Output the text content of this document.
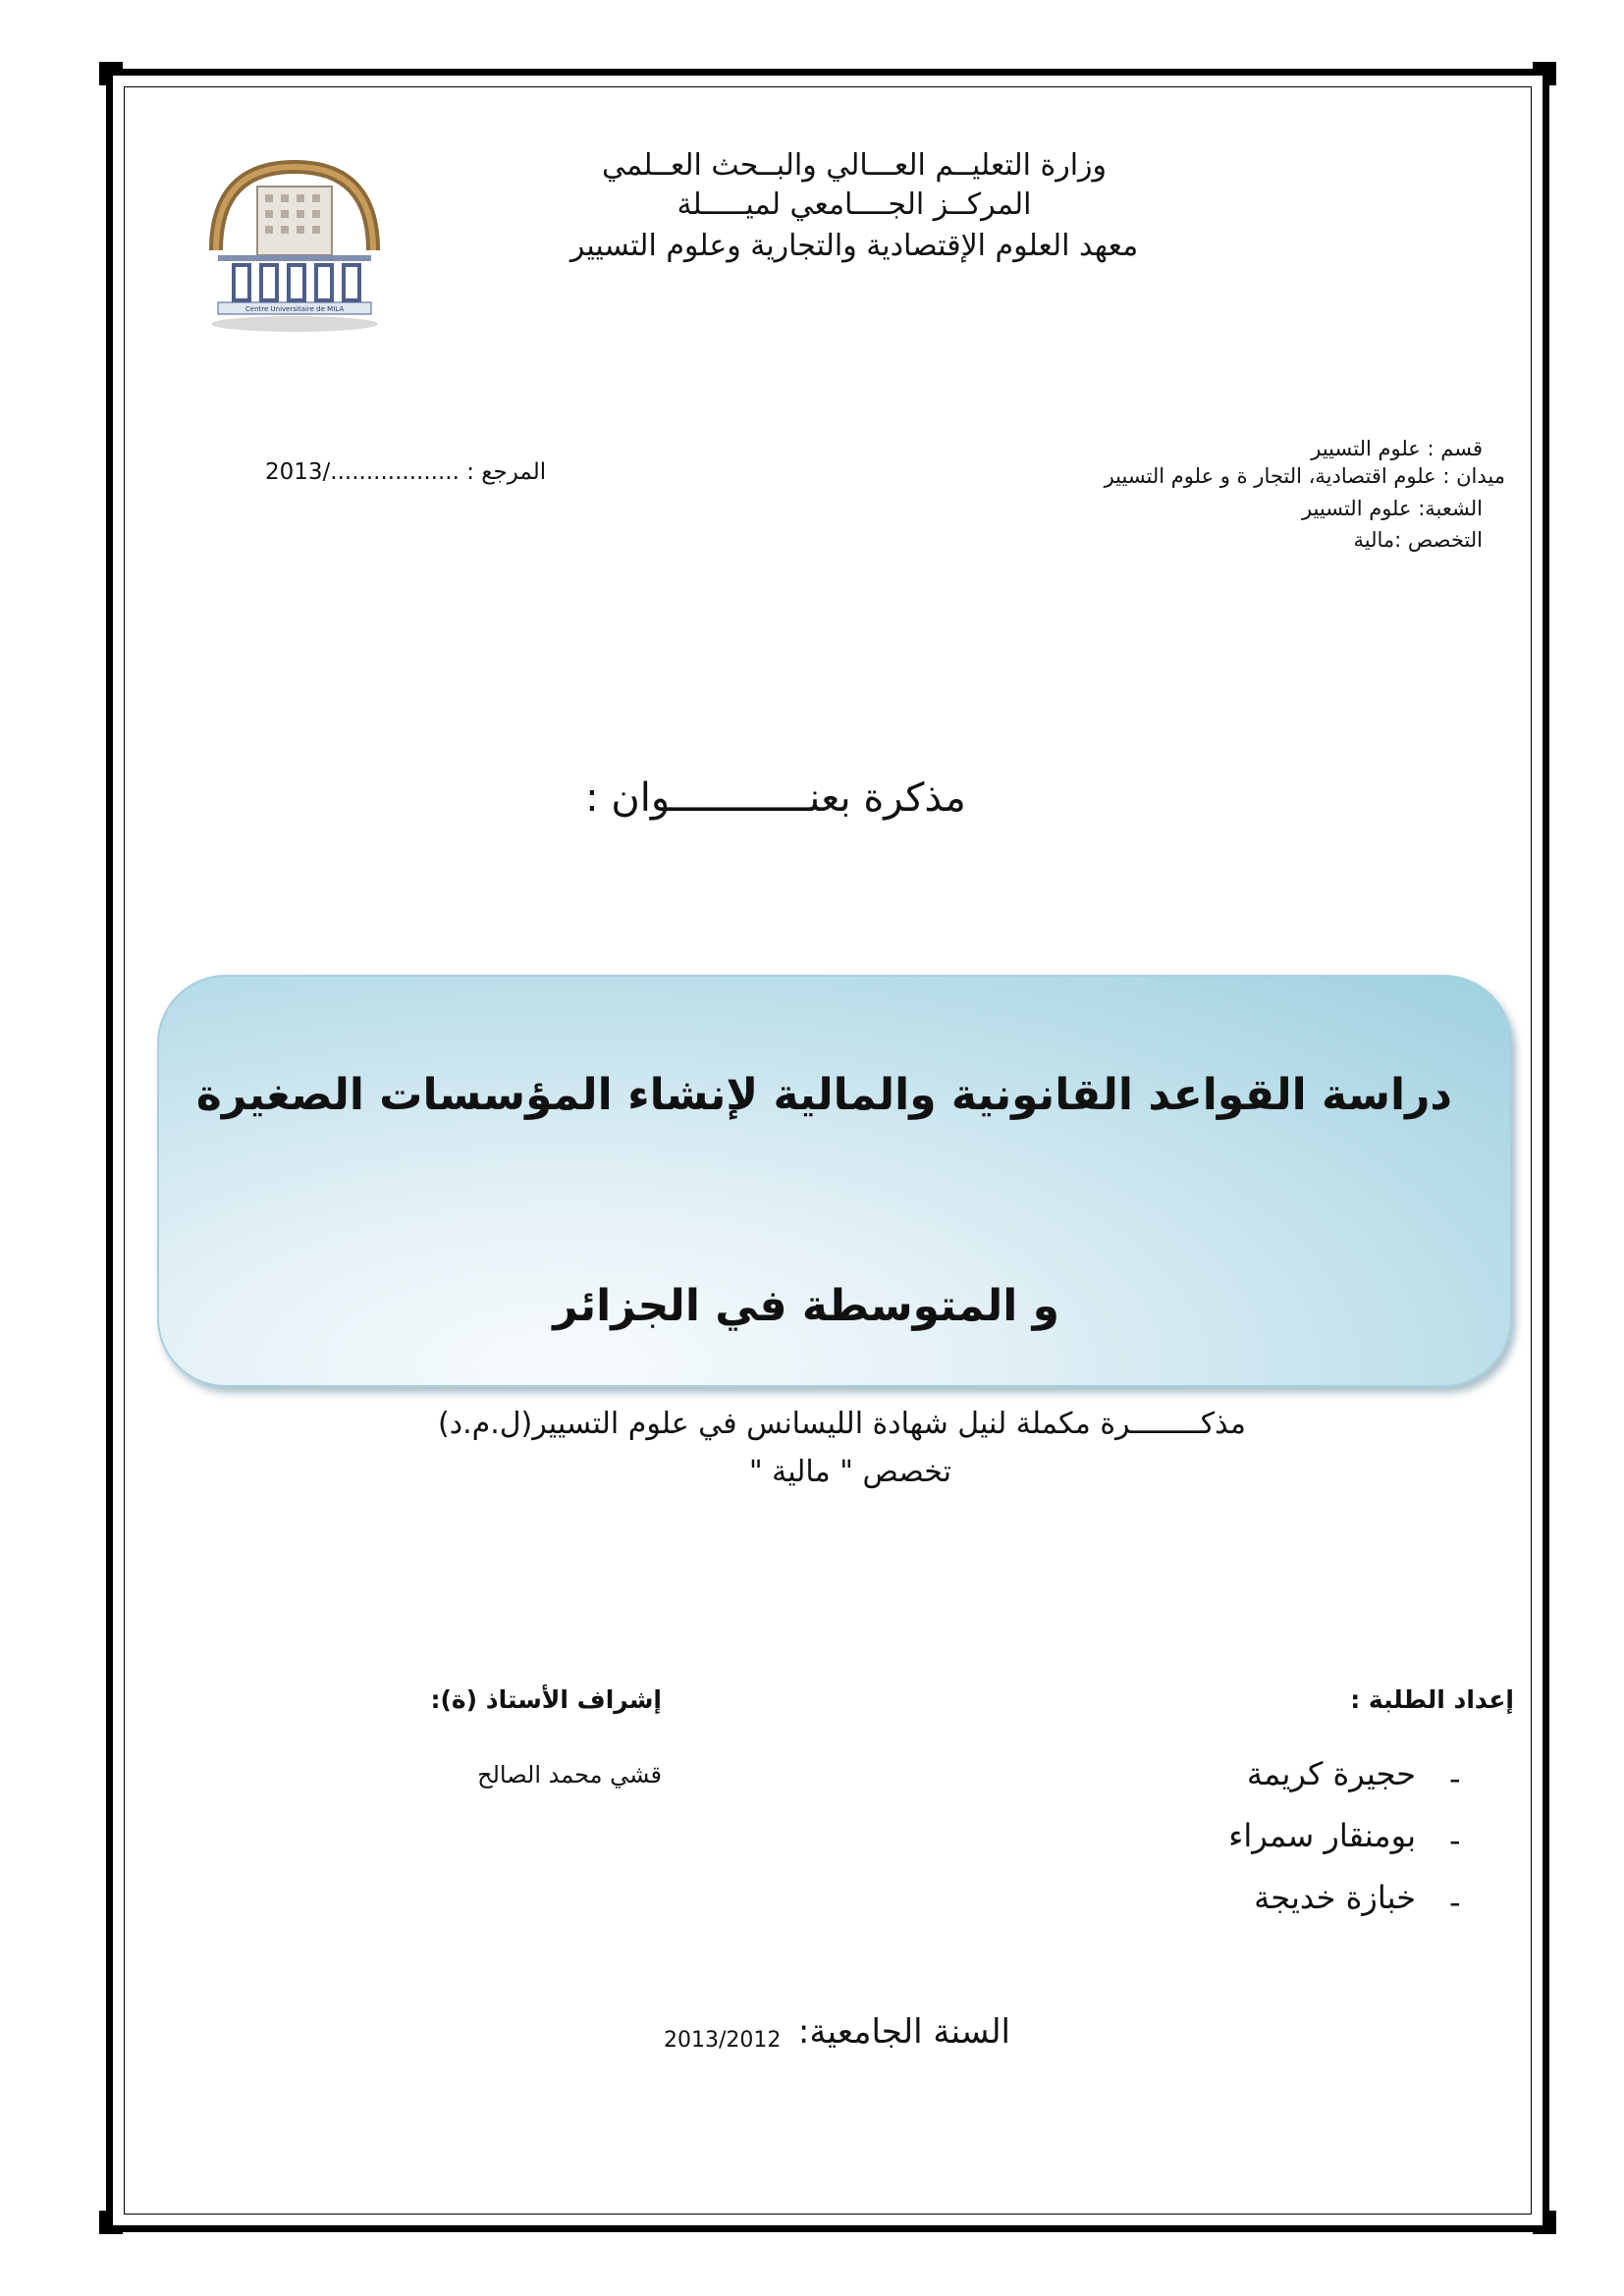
وزارة التعليــم العـــالي والبــحث العــلمي
المركــز الجــــامعي لميـــــلة
معهد العلوم الإقتصادية والتجارية وعلوم التسيير
Centre Universitaire de MILA
قسم : علوم التسيير
ميدان : علوم اقتصادية، التجار ة و علوم التسيير
الشعبة: علوم التسيير
التخصص :مالية
المرجع : 2013/..................
مذكرة بعنــــــــــــوان :
دراسة القواعد القانونية والمالية لإنشاء المؤسسات الصغيرة
و المتوسطة في الجزائر
مذكــــــــرة مكملة لنيل شهادة الليسانس في علوم التسيير(ل.م.د)
تخصص " مالية "
إعداد الطلبة :
-
حجيرة كريمة
-
بومنقار سمراء
-
خبازة خديجة
إشراف الأستاذ (ة):
قشي محمد الصالح
السنة الجامعية:
2013/2012
